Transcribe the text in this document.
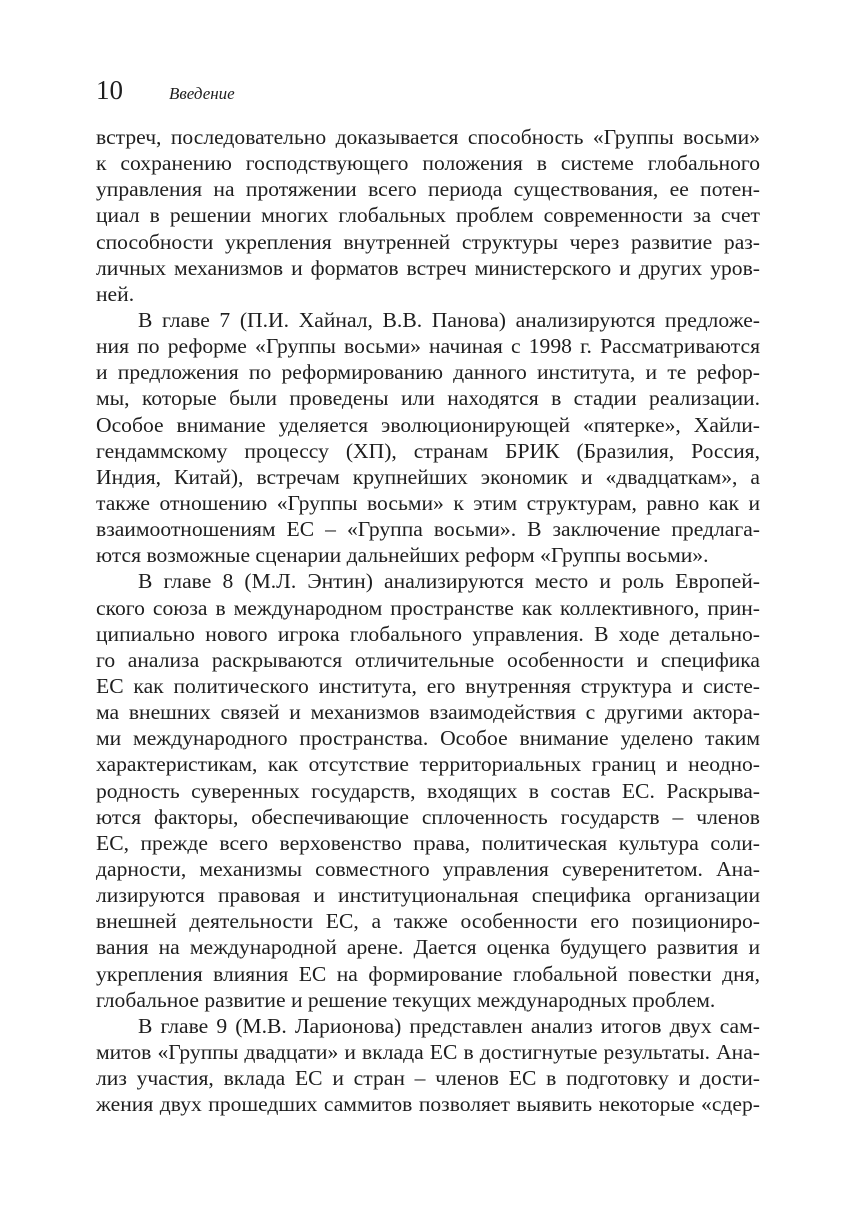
10	Введение
встреч, последовательно доказывается способность «Группы восьми»
к сохранению господствующего положения в системе глобального
управления на протяжении всего периода существования, ее потен-
циал в решении многих глобальных проблем современности за счет
способности укрепления внутренней структуры через развитие раз-
личных механизмов и форматов встреч министерского и других уров-
ней.
В главе 7 (П.И. Хайнал, В.В. Панова) анализируются предложе-
ния по реформе «Группы восьми» начиная с 1998 г. Рассматриваются
и предложения по реформированию данного института, и те рефор-
мы, которые были проведены или находятся в стадии реализации.
Особое внимание уделяется эволюционирующей «пятерке», Хайли-
гендаммскому процессу (ХП), странам БРИК (Бразилия, Россия,
Индия, Китай), встречам крупнейших экономик и «двадцаткам», а
также отношению «Группы восьми» к этим структурам, равно как и
взаимоотношениям ЕС – «Группа восьми». В заключение предлага-
ются возможные сценарии дальнейших реформ «Группы восьми».
В главе 8 (М.Л. Энтин) анализируются место и роль Европей-
ского союза в международном пространстве как коллективного, прин-
ципиально нового игрока глобального управления. В ходе детально-
го анализа раскрываются отличительные особенности и специфика
ЕС как политического института, его внутренняя структура и систе-
ма внешних связей и механизмов взаимодействия с другими актора-
ми международного пространства. Особое внимание уделено таким
характеристикам, как отсутствие территориальных границ и неодно-
родность суверенных государств, входящих в состав ЕС. Раскрыва-
ются факторы, обеспечивающие сплоченность государств – членов
ЕС, прежде всего верховенство права, политическая культура соли-
дарности, механизмы совместного управления суверенитетом. Ана-
лизируются правовая и институциональная специфика организации
внешней деятельности ЕС, а также особенности его позициониро-
вания на международной арене. Дается оценка будущего развития и
укрепления влияния ЕС на формирование глобальной повестки дня,
глобальное развитие и решение текущих международных проблем.
В главе 9 (М.В. Ларионова) представлен анализ итогов двух сам-
митов «Группы двадцати» и вклада ЕС в достигнутые результаты. Ана-
лиз участия, вклада ЕС и стран – членов ЕС в подготовку и дости-
жения двух прошедших саммитов позволяет выявить некоторые «сдер-
